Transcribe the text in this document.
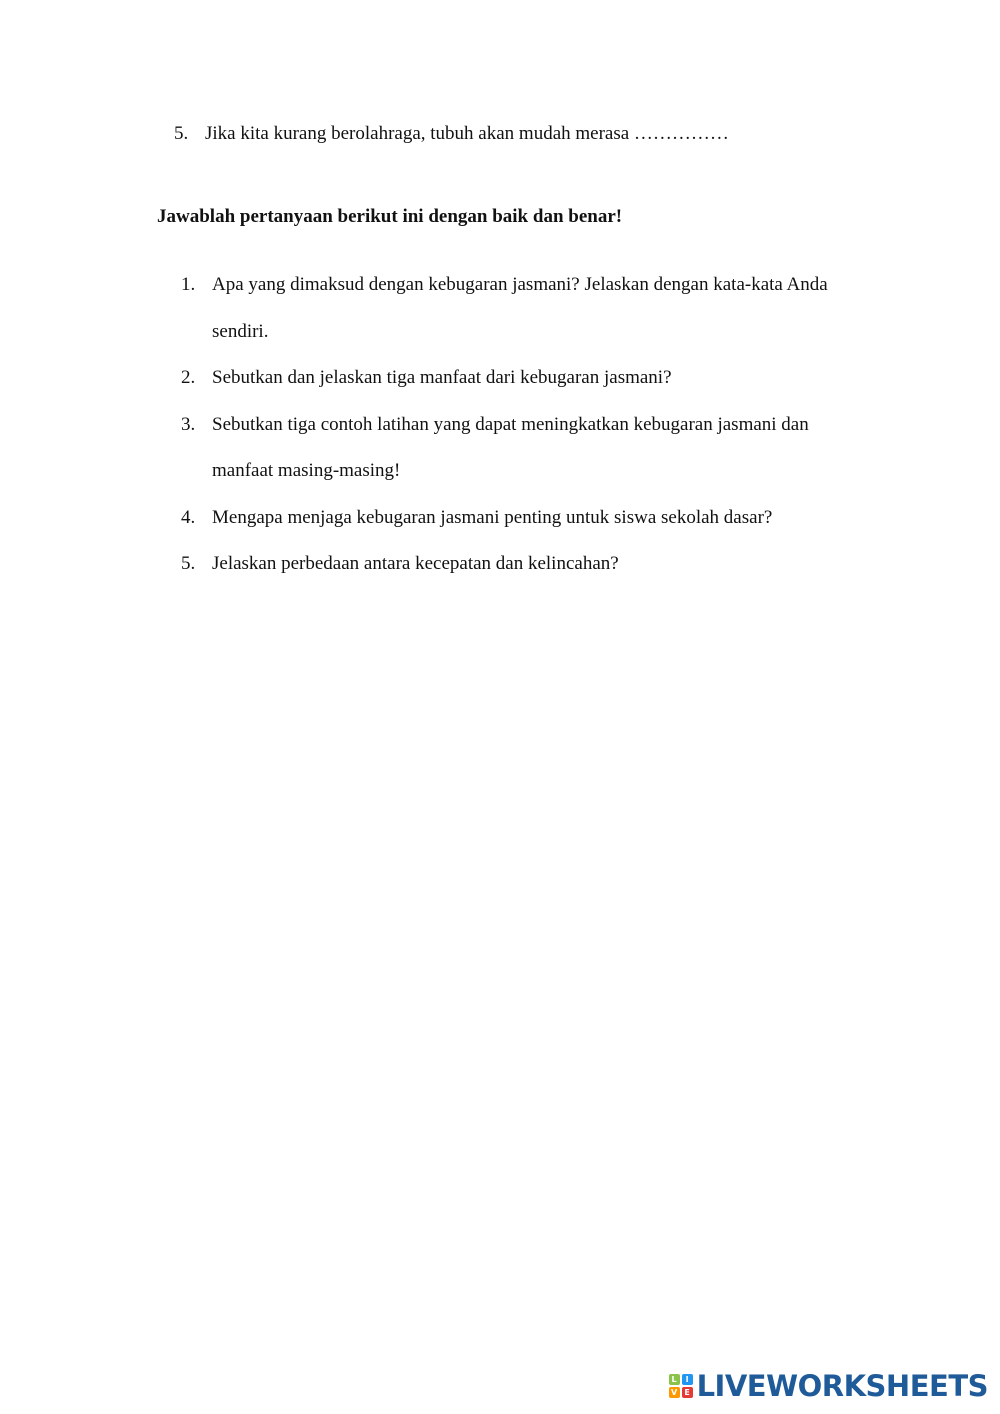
5. Jika kita kurang berolahraga, tubuh akan mudah merasa ……………
Jawablah pertanyaan berikut ini dengan baik dan benar!
1. Apa yang dimaksud dengan kebugaran jasmani? Jelaskan dengan kata-kata Anda
sendiri.
2. Sebutkan dan jelaskan tiga manfaat dari kebugaran jasmani?
3. Sebutkan tiga contoh latihan yang dapat meningkatkan kebugaran jasmani dan
manfaat masing-masing!
4. Mengapa menjaga kebugaran jasmani penting untuk siswa sekolah dasar?
5. Jelaskan perbedaan antara kecepatan dan kelincahan?
L	I
V E LIVEWORKSHEETS
